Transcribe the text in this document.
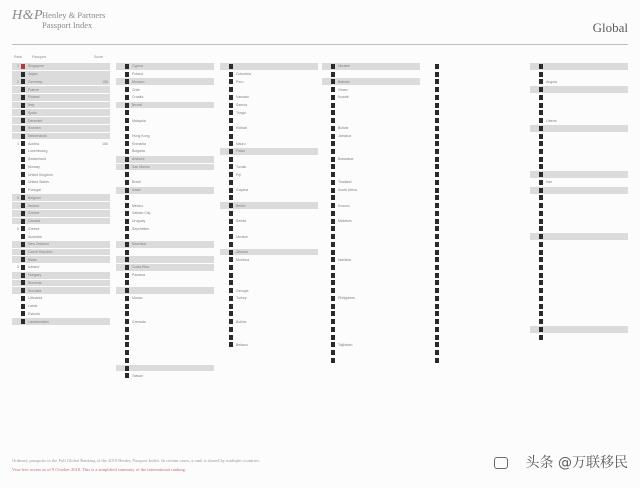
H&P
Henley & Partners
Passport Index	Global
Rank	Passport	Score
1	Singapore
Japan
2	Germany	188
France
Finland
Italy
Spain
Denmark
Sweden
Netherlands
4	Austria	186
Luxembourg
Switzerland
Norway
United Kingdom
United States
Portugal
5	Belgium
Ireland
Greece
Canada
6	Greece
Australia
New Zealand
Czech Republic
Malta
8	Iceland
Hungary
Slovenia
Slovakia
Lithuania
Latvia
Estonia
Liechtenstein
Cyprus
Poland
Monaco
Chile
Croatia
Brunei
Malaysia
Hong Kong
Romania
Bulgaria
Andorra
San Marino
Brazil
Israel
Mexico
Vatican City
Uruguay
Seychelles
Mauritius
Costa Rica
Panama
Macao
Grenada
Taiwan
Colombia
Peru
Vanuatu
Samoa
Tonga
Kiribati
Nauru
Palau
Tuvalu
Fiji
Guyana
Belize
Serbia
Ukraine
Albania
Moldova
Georgia
Turkey
Bolivia
Belarus
Ukraine
Bahrain
Oman
Kuwait
Bolivia
Jamaica
Botswana
Thailand
South Africa
Kosovo
Maldives
Namibia
Philippines
Tajikistan
Angola
Liberia
Iran
Ordinary passports in the Full Global Ranking of the 2018 Henley Passport Index. In certain cases, a rank is shared by multiple countries.
Visa-free access as of 9 October 2018. This is a simplified summary of the international ranking.	头条 @万联移民
